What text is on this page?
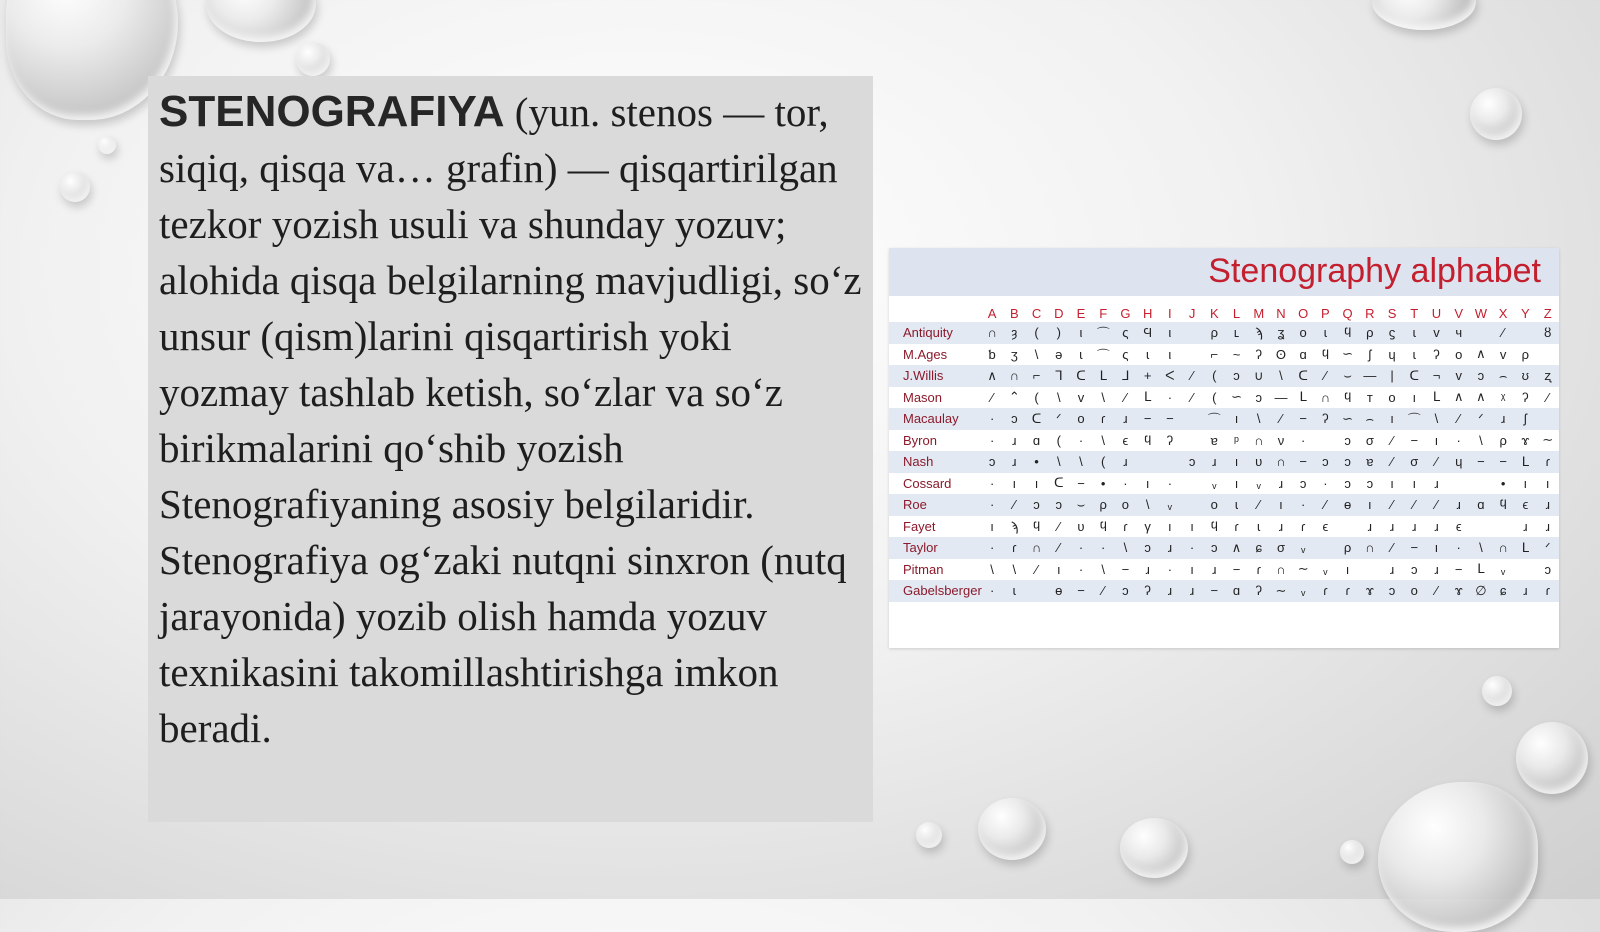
STENOGRAFIYA (yun. stenos — tor, siqiq, qisqa va… grafin) — qisqartirilgan tezkor yozish usuli va shunday yozuv; alohida qisqa belgilarning mavjudligi, so‘z unsur (qism)larini qisqartirish yoki yozmay tashlab ketish, so‘zlar va so‘z birikmalarini qo‘shib yozish Stenografiyaning asosiy belgilaridir. Stenografiya og‘zaki nutqni sinxron (nutq jarayonida) yozib olish hamda yozuv texnikasini takomillashtirishga imkon beradi.

Stenography alphabet
	A	B	C	D	E	F	G	H	I	J	K	L	M	N	O	P	Q	R	S	T	U	V	W	X	Y	Z
Antiquity	∩	ȝ	(	)	ι	⌒	ς	Ϥ	ι		ρ	ʟ	ϡ	ʓ	ο	ɩ	ϥ	ρ	ϛ	ɩ	v	ч		⁄		ȣ
M.Ages	ƅ	ʒ	\	ə	ɩ	⌒	ς	ɩ	ι		⌐	~	ʔ	ʘ	ɑ	ϥ	∽	ʃ	ɥ	ɩ	ʔ	ο	∧	v	ρ	
J.Willis	∧	∩	⌐	ᒣ	ᑕ	ᒪ	ᒧ	+	ᐸ	⁄	(	ↄ	∪	\	ᑕ	⁄	⌣	—	|	ᑕ	¬	v	ↄ	⌢	ʊ	ʐ
Mason	⁄	⌃	(	\	v	\	⁄	ᒪ	·	⁄	(	∽	ↄ	—	ᒪ	∩	ϥ	т	ο	ı	ᒪ	∧	∧	ᵡ	ʔ	⁄
Macaulay	·	ɔ	ᑕ	ᐟ	ο	ɾ	ɹ	−	−		⌒	ı	\	⁄	−	ʔ	∽	⌢	ı	⌒	\	⁄	ᐟ	ɹ	ʃ	
Byron	·	ɹ	ɑ	(	·	\	ϵ	ϥ	ʔ		ɐ	ᵖ	∩	ν	·		ɔ	σ	⁄	−	ı	·	\	ρ	ɤ	∼
Nash	ɔ	ɹ	•	\	\	(	ɹ			ɔ	ɹ	ı	υ	∩	−	ɔ	ɔ	ɐ	⁄	σ	⁄	ɥ	−	−	ᒪ	ɾ
Cossard	·	ı	ı	ᑕ	−	•	·	ı	·		ᵥ	ı	ᵥ	ɹ	ɔ	·	ɔ	ɔ	ı	ı	ɹ			•	ı	ı
Roe	·	⁄	ɔ	ɔ	⌣	ρ	ο	\	ᵥ		ο	ɩ	⁄	ı	·	⁄	ɵ	ı	⁄	⁄	⁄	ɹ	ɑ	ϥ	ϵ	ɹ
Fayet	ı	ϡ	ϥ	⁄	υ	ϥ	ɾ	γ	ı	ı	ϥ	ɾ	ɩ	ɹ	ɾ	ϵ		ɹ	ɹ	ɹ	ɹ	ϵ			ɹ	ɹ
Taylor	·	ɾ	∩	⁄	·	·	\	ɔ	ɹ	·	ɔ	∧	ɕ	σ	ᵥ		ρ	∩	⁄	−	ı	·	\	∩	ᒪ	ᐟ
Pitman	\	\	⁄	ı	·	\	−	ɹ	·	ı	ɹ	−	ɾ	∩	∼	ᵥ	ı		ɹ	ɔ	ɹ	−	ᒪ	ᵥ		ɔ
Gabelsberger	·	ɩ		ɵ	−	⁄	ɔ	ʔ	ɹ	ɹ	−	ɑ	ʔ	∼	ᵥ	ɾ	ɾ	ɤ	ɔ	ο	⁄	ɤ	∅	ɕ	ɹ	ɾ
